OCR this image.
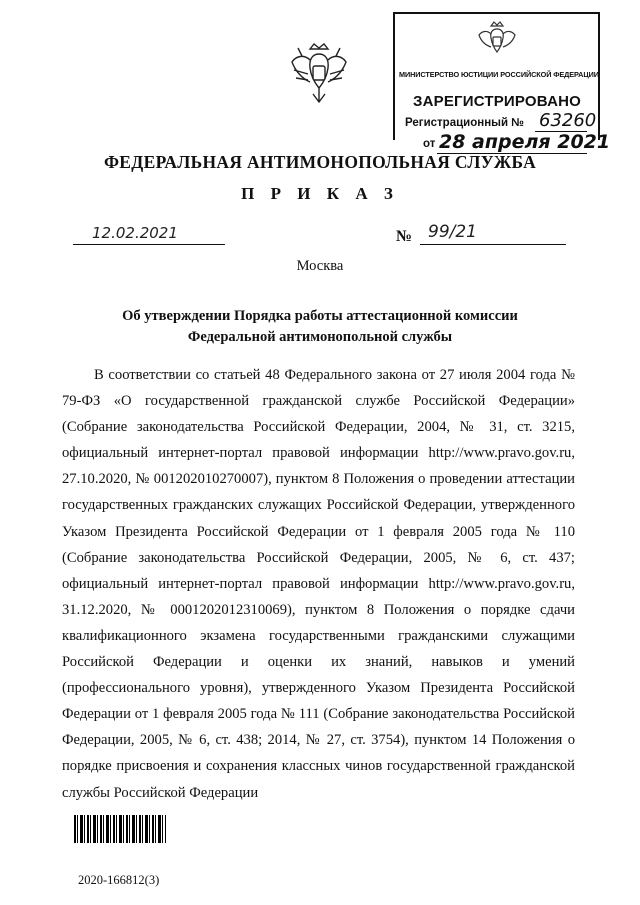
МИНИСТЕРСТВО ЮСТИЦИИ РОССИЙСКОЙ ФЕДЕРАЦИИ
ЗАРЕГИСТРИРОВАНО
Регистрационный № 63260
от 28 апреля 2021
ФЕДЕРАЛЬНАЯ АНТИМОНОПОЛЬНАЯ СЛУЖБА
П Р И К А З
12.02.2021	№ 99/21
Москва
Об утверждении Порядка работы аттестационной комиссии
Федеральной антимонопольной службы
В соответствии со статьей 48 Федерального закона от 27 июля 2004 года № 79-ФЗ «О государственной гражданской службе Российской Федерации» (Собрание законодательства Российской Федерации, 2004, № 31, ст. 3215, официальный интернет-портал правовой информации http://www.pravo.gov.ru, 27.10.2020, № 001202010270007), пунктом 8 Положения о проведении аттестации государственных гражданских служащих Российской Федерации, утвержденного Указом Президента Российской Федерации от 1 февраля 2005 года № 110 (Собрание законодательства Российской Федерации, 2005, № 6, ст. 437; официальный интернет-портал правовой информации http://www.pravo.gov.ru, 31.12.2020, № 0001202012310069), пунктом 8 Положения о порядке сдачи квалификационного экзамена государственными гражданскими служащими Российской Федерации и оценки их знаний, навыков и умений (профессионального уровня), утвержденного Указом Президента Российской Федерации от 1 февраля 2005 года № 111 (Собрание законодательства Российской Федерации, 2005, № 6, ст. 438; 2014, № 27, ст. 3754), пунктом 14 Положения о порядке присвоения и сохранения классных чинов государственной гражданской службы Российской Федерации
2020-166812(3)
